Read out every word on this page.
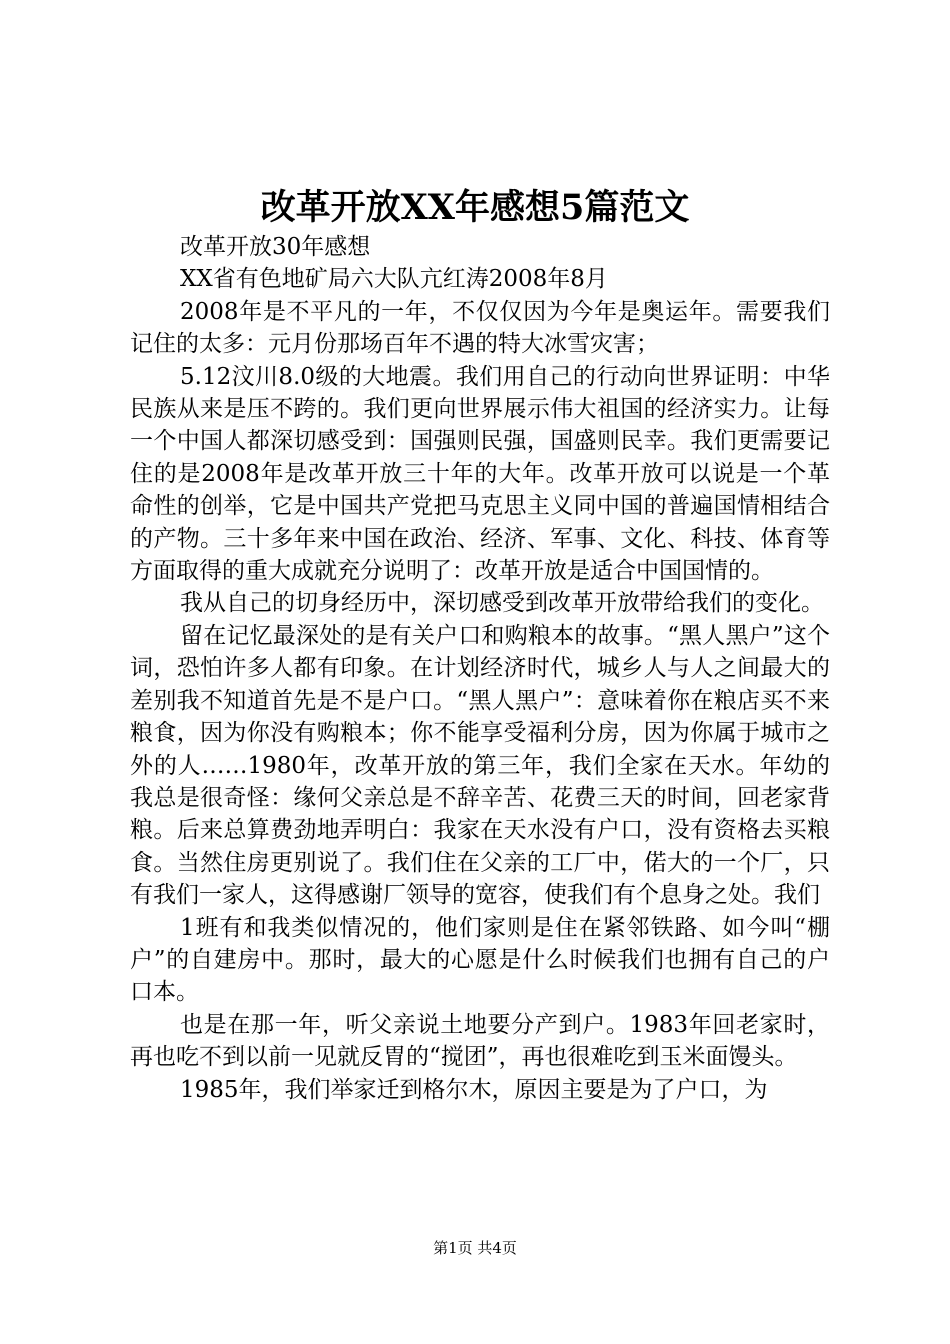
改革开放XX年感想5篇范文

改革开放30年感想

XX省有色地矿局六大队亢红涛2008年8月

2008年是不平凡的一年，不仅仅因为今年是奥运年。需要我们记住的太多：元月份那场百年不遇的特大冰雪灾害；

5.12汶川8.0级的大地震。我们用自己的行动向世界证明：中华民族从来是压不跨的。我们更向世界展示伟大祖国的经济实力。让每一个中国人都深切感受到：国强则民强，国盛则民幸。我们更需要记住的是2008年是改革开放三十年的大年。改革开放可以说是一个革命性的创举，它是中国共产党把马克思主义同中国的普遍国情相结合的产物。三十多年来中国在政治、经济、军事、文化、科技、体育等方面取得的重大成就充分说明了：改革开放是适合中国国情的。

我从自己的切身经历中，深切感受到改革开放带给我们的变化。

留在记忆最深处的是有关户口和购粮本的故事。“黑人黑户”这个词，恐怕许多人都有印象。在计划经济时代，城乡人与人之间最大的差别我不知道首先是不是户口。“黑人黑户”：意味着你在粮店买不来粮食，因为你没有购粮本；你不能享受福利分房，因为你属于城市之外的人……1980年，改革开放的第三年，我们全家在天水。年幼的我总是很奇怪：缘何父亲总是不辞辛苦、花费三天的时间，回老家背粮。后来总算费劲地弄明白：我家在天水没有户口，没有资格去买粮食。当然住房更别说了。我们住在父亲的工厂中，偌大的一个厂，只有我们一家人，这得感谢厂领导的宽容，使我们有个息身之处。我们

1班有和我类似情况的，他们家则是住在紧邻铁路、如今叫“棚户”的自建房中。那时，最大的心愿是什么时候我们也拥有自己的户口本。

也是在那一年，听父亲说土地要分产到户。1983年回老家时，再也吃不到以前一见就反胃的“搅团”，再也很难吃到玉米面馒头。

1985年，我们举家迁到格尔木，原因主要是为了户口，为

第1页 共4页
